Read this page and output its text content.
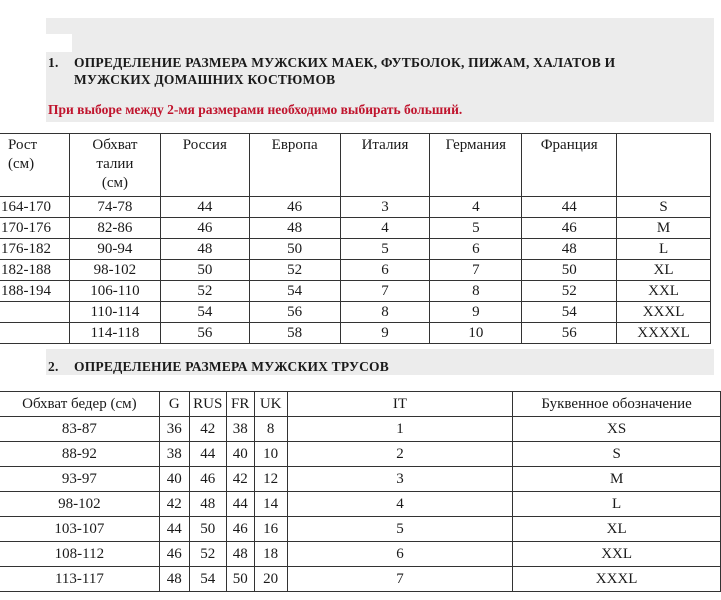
1. ОПРЕДЕЛЕНИЕ РАЗМЕРА МУЖСКИХ МАЕК, ФУТБОЛОК, ПИЖАМ, ХАЛАТОВ И
МУЖСКИХ ДОМАШНИХ КОСТЮМОВ
При выборе между 2-мя размерами необходимо выбирать больший.
Рост (см)	Обхват талии (см)	Россия	Европа	Италия	Германия	Франция	
164-170	74-78	44	46	3	4	44	S
170-176	82-86	46	48	4	5	46	M
176-182	90-94	48	50	5	6	48	L
182-188	98-102	50	52	6	7	50	XL
188-194	106-110	52	54	7	8	52	XXL
	110-114	54	56	8	9	54	XXXL
	114-118	56	58	9	10	56	XXXXL
2. ОПРЕДЕЛЕНИЕ РАЗМЕРА МУЖСКИХ ТРУСОВ
Обхват бедер (см)	G	RUS	FR	UK	IT	Буквенное обозначение
83-87	36	42	38	8	1	XS
88-92	38	44	40	10	2	S
93-97	40	46	42	12	3	M
98-102	42	48	44	14	4	L
103-107	44	50	46	16	5	XL
108-112	46	52	48	18	6	XXL
113-117	48	54	50	20	7	XXXL
